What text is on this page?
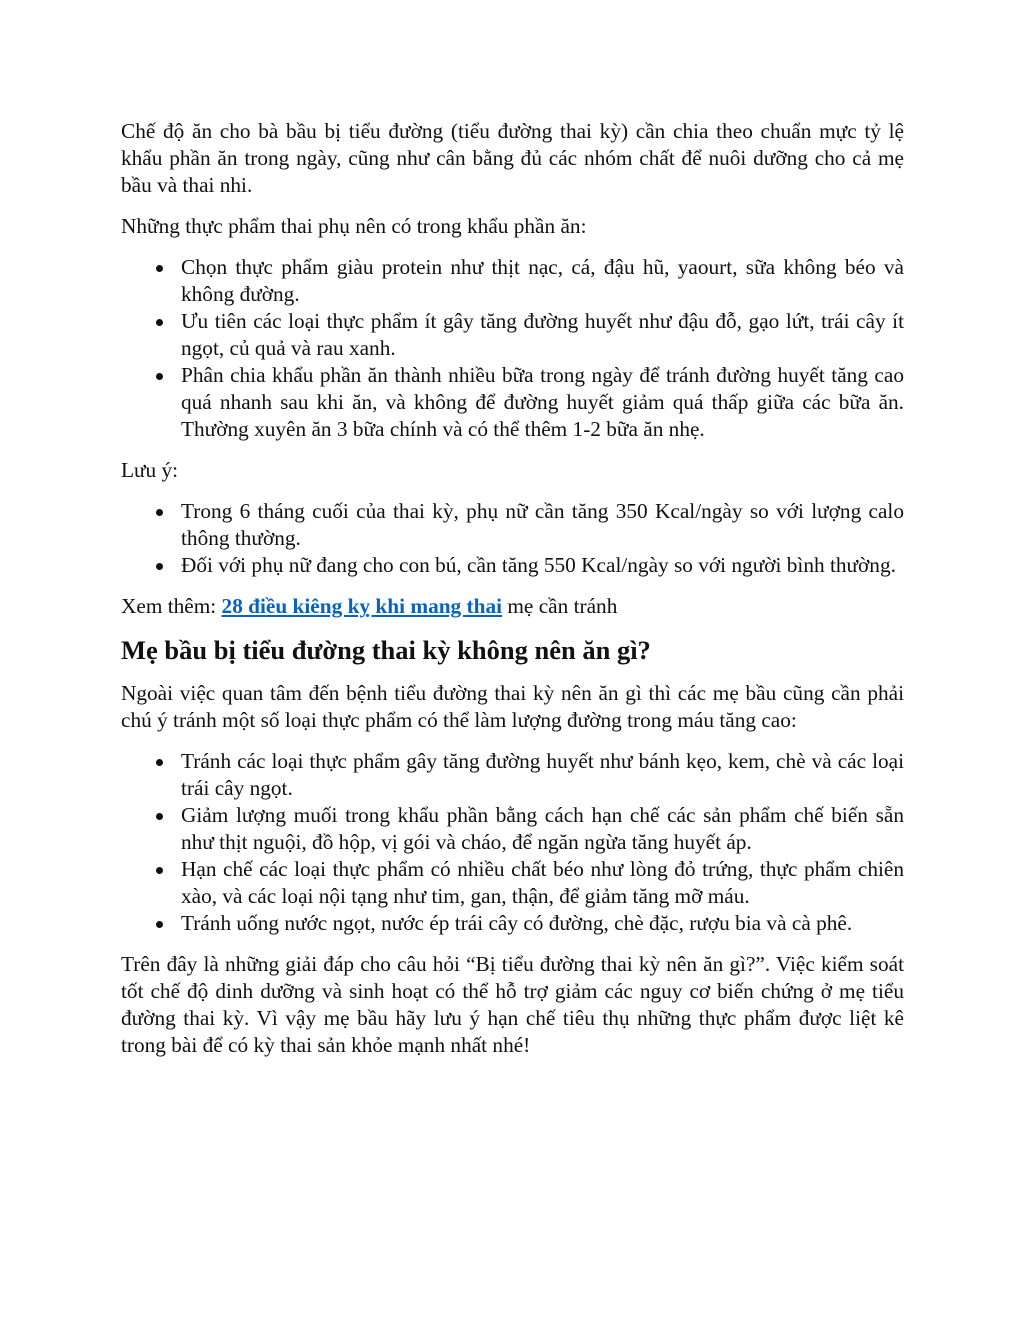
Chế độ ăn cho bà bầu bị tiểu đường (tiểu đường thai kỳ) cần chia theo chuẩn mực tỷ lệ khẩu phần ăn trong ngày, cũng như cân bằng đủ các nhóm chất để nuôi dưỡng cho cả mẹ bầu và thai nhi.

Những thực phẩm thai phụ nên có trong khẩu phần ăn:

Chọn thực phẩm giàu protein như thịt nạc, cá, đậu hũ, yaourt, sữa không béo và không đường.
Ưu tiên các loại thực phẩm ít gây tăng đường huyết như đậu đỗ, gạo lứt, trái cây ít ngọt, củ quả và rau xanh.
Phân chia khẩu phần ăn thành nhiều bữa trong ngày để tránh đường huyết tăng cao quá nhanh sau khi ăn, và không để đường huyết giảm quá thấp giữa các bữa ăn. Thường xuyên ăn 3 bữa chính và có thể thêm 1-2 bữa ăn nhẹ.

Lưu ý:

Trong 6 tháng cuối của thai kỳ, phụ nữ cần tăng 350 Kcal/ngày so với lượng calo thông thường.
Đối với phụ nữ đang cho con bú, cần tăng 550 Kcal/ngày so với người bình thường.

Xem thêm: 28 điều kiêng kỵ khi mang thai mẹ cần tránh

Mẹ bầu bị tiểu đường thai kỳ không nên ăn gì?

Ngoài việc quan tâm đến bệnh tiểu đường thai kỳ nên ăn gì thì các mẹ bầu cũng cần phải chú ý tránh một số loại thực phẩm có thể làm lượng đường trong máu tăng cao:

Tránh các loại thực phẩm gây tăng đường huyết như bánh kẹo, kem, chè và các loại trái cây ngọt.
Giảm lượng muối trong khẩu phần bằng cách hạn chế các sản phẩm chế biến sẵn như thịt nguội, đồ hộp, vị gói và cháo, để ngăn ngừa tăng huyết áp.
Hạn chế các loại thực phẩm có nhiều chất béo như lòng đỏ trứng, thực phẩm chiên xào, và các loại nội tạng như tim, gan, thận, để giảm tăng mỡ máu.
Tránh uống nước ngọt, nước ép trái cây có đường, chè đặc, rượu bia và cà phê.

Trên đây là những giải đáp cho câu hỏi “Bị tiểu đường thai kỳ nên ăn gì?”. Việc kiểm soát tốt chế độ dinh dưỡng và sinh hoạt có thể hỗ trợ giảm các nguy cơ biến chứng ở mẹ tiểu đường thai kỳ. Vì vậy mẹ bầu hãy lưu ý hạn chế tiêu thụ những thực phẩm được liệt kê trong bài để có kỳ thai sản khỏe mạnh nhất nhé!
